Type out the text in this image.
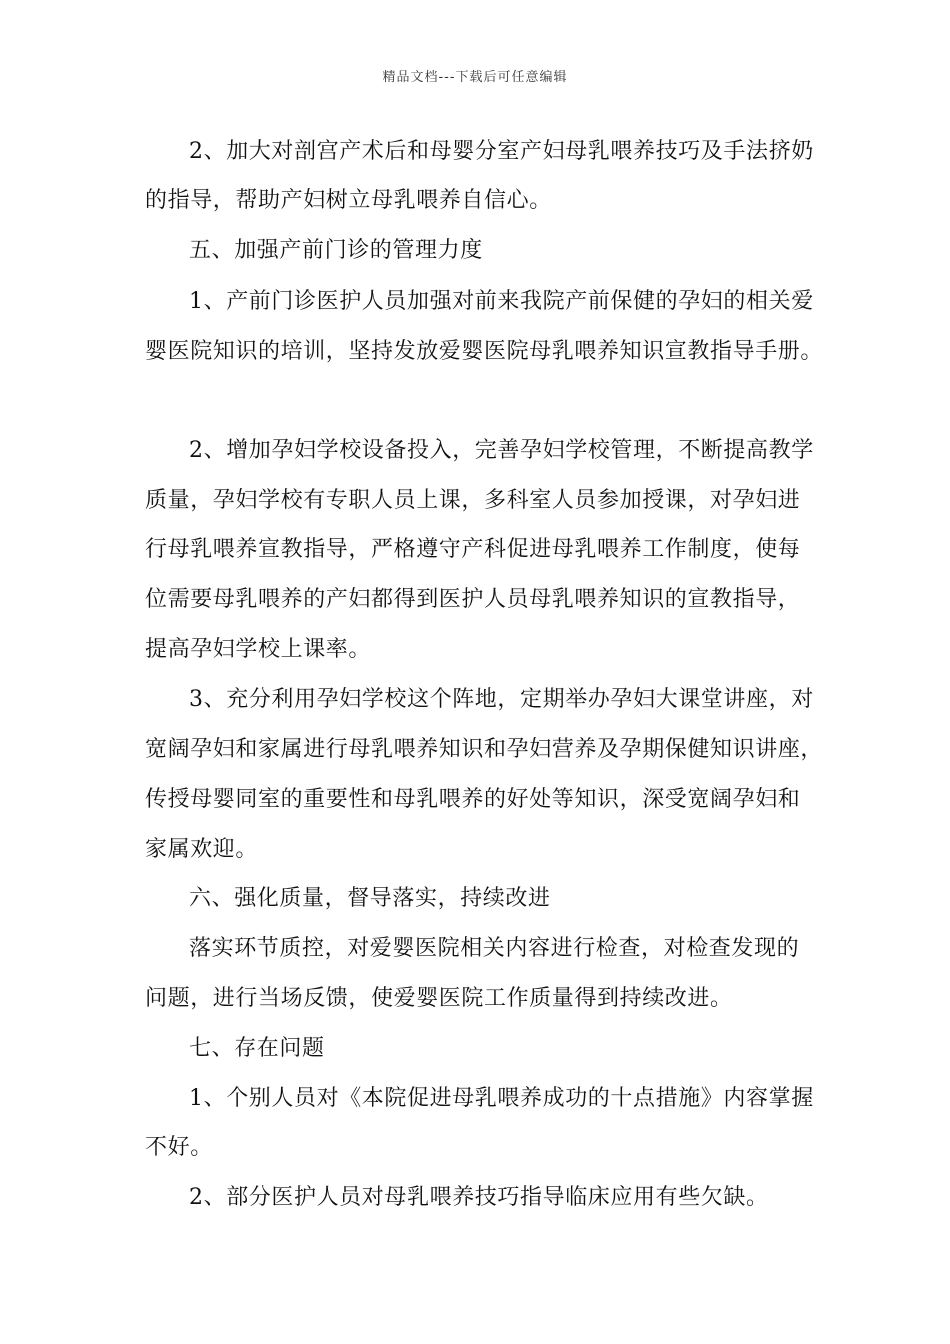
精品文档---下载后可任意编辑
2、加大对剖宫产术后和母婴分室产妇母乳喂养技巧及手法挤奶
的指导，帮助产妇树立母乳喂养自信心。
五、加强产前门诊的管理力度
1、产前门诊医护人员加强对前来我院产前保健的孕妇的相关爱
婴医院知识的培训，坚持发放爱婴医院母乳喂养知识宣教指导手册。
2、增加孕妇学校设备投入，完善孕妇学校管理，不断提高教学
质量，孕妇学校有专职人员上课，多科室人员参加授课，对孕妇进
行母乳喂养宣教指导，严格遵守产科促进母乳喂养工作制度，使每
位需要母乳喂养的产妇都得到医护人员母乳喂养知识的宣教指导，
提高孕妇学校上课率。
3、充分利用孕妇学校这个阵地，定期举办孕妇大课堂讲座，对
宽阔孕妇和家属进行母乳喂养知识和孕妇营养及孕期保健知识讲座，
传授母婴同室的重要性和母乳喂养的好处等知识，深受宽阔孕妇和
家属欢迎。
六、强化质量，督导落实，持续改进
落实环节质控，对爱婴医院相关内容进行检查，对检查发现的
问题，进行当场反馈，使爱婴医院工作质量得到持续改进。
七、存在问题
1、个别人员对《本院促进母乳喂养成功的十点措施》内容掌握
不好。
2、部分医护人员对母乳喂养技巧指导临床应用有些欠缺。
